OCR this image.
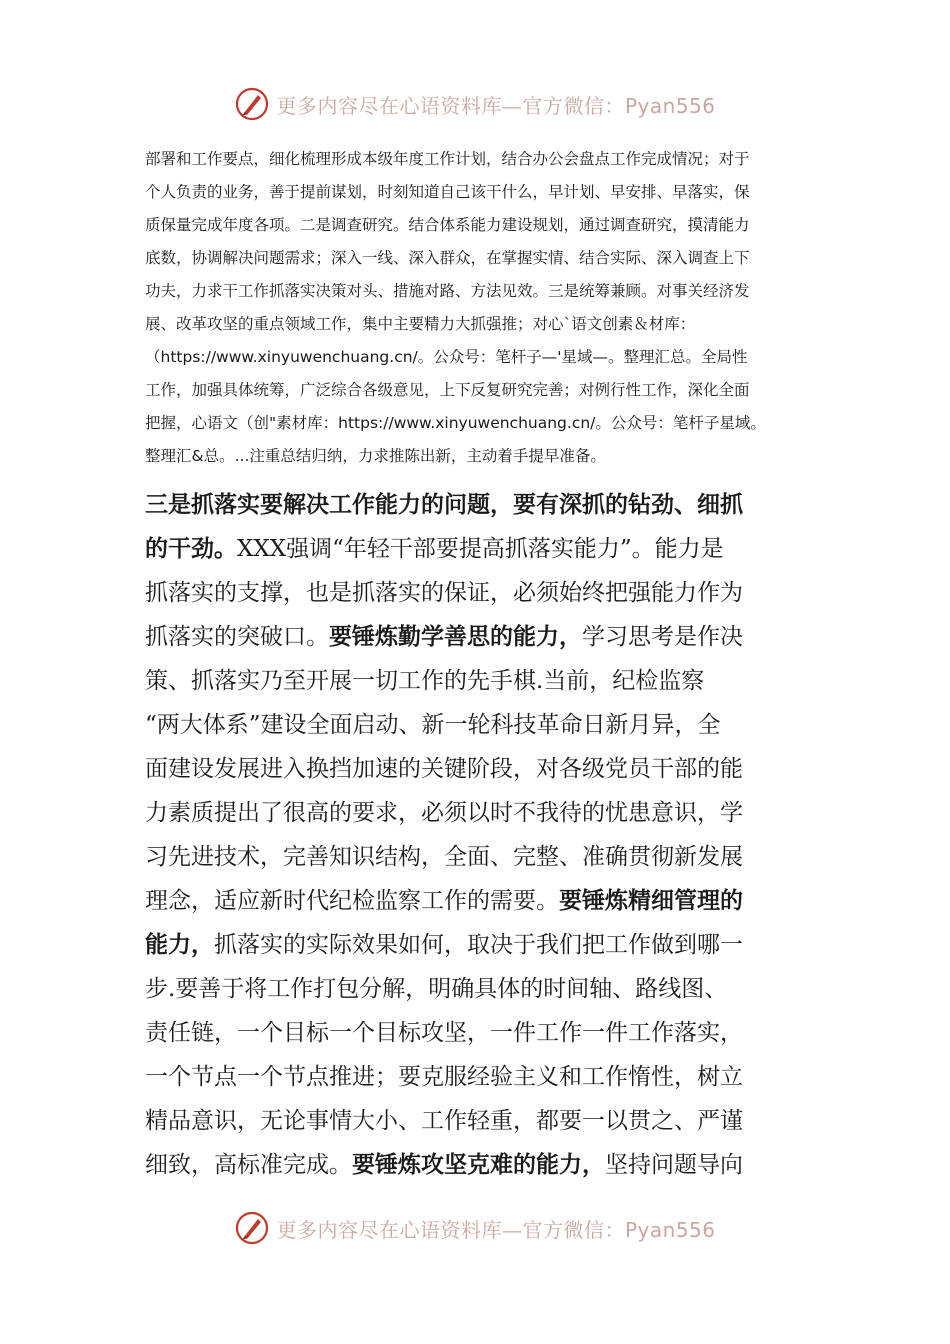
更多内容尽在心语资料库—官方微信：Pyan556
部署和工作要点，细化梳理形成本级年度工作计划，结合办公会盘点工作完成情况；对于
个人负责的业务，善于提前谋划，时刻知道自己该干什么，早计划、早安排、早落实，保
质保量完成年度各项。二是调查研究。结合体系能力建设规划，通过调查研究，摸清能力
底数，协调解决问题需求；深入一线、深入群众，在掌握实情、结合实际、深入调查上下
功夫，力求干工作抓落实决策对头、措施对路、方法见效。三是统筹兼顾。对事关经济发
展、改革攻坚的重点领域工作，集中主要精力大抓强推；对心`语文创素＆材库：
（https://www.xinyuwenchuang.cn/。公众号：笔杆子—'星域—。整理汇总。全局性
工作，加强具体统筹，广泛综合各级意见，上下反复研究完善；对例行性工作，深化全面
把握，心语文（创"素材库：https://www.xinyuwenchuang.cn/。公众号：笔杆子星域。
整理汇&总。...注重总结归纳，力求推陈出新，主动着手提早准备。
三是抓落实要解决工作能力的问题，要有深抓的钻劲、细抓
的干劲。XXX强调“年轻干部要提高抓落实能力”。能力是
抓落实的支撑，也是抓落实的保证，必须始终把强能力作为
抓落实的突破口。要锤炼勤学善思的能力，学习思考是作决
策、抓落实乃至开展一切工作的先手棋.当前，纪检监察
“两大体系”建设全面启动、新一轮科技革命日新月异，全
面建设发展进入换挡加速的关键阶段，对各级党员干部的能
力素质提出了很高的要求，必须以时不我待的忧患意识，学
习先进技术，完善知识结构，全面、完整、准确贯彻新发展
理念，适应新时代纪检监察工作的需要。要锤炼精细管理的
能力，抓落实的实际效果如何，取决于我们把工作做到哪一
步.要善于将工作打包分解，明确具体的时间轴、路线图、
责任链，一个目标一个目标攻坚，一件工作一件工作落实，
一个节点一个节点推进；要克服经验主义和工作惰性，树立
精品意识，无论事情大小、工作轻重，都要一以贯之、严谨
细致，高标准完成。要锤炼攻坚克难的能力，坚持问题导向
更多内容尽在心语资料库—官方微信：Pyan556
